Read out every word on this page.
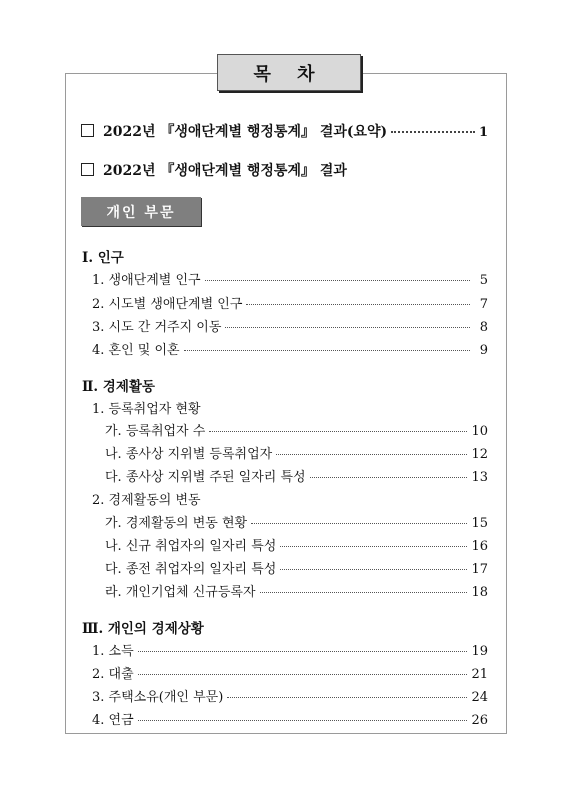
목 차
2022년
『생애단계별 행정통계』 결과(요약)	1
2022년
『생애단계별 행정통계』 결과
개인 부문
Ⅰ. 인구
1. 생애단계별 인구	5
2. 시도별 생애단계별 인구	7
3. 시도 간 거주지 이동	8
4. 혼인 및 이혼	9
Ⅱ. 경제활동
1. 등록취업자 현황
가. 등록취업자 수	10
나. 종사상 지위별 등록취업자	12
다. 종사상 지위별 주된 일자리 특성	13
2. 경제활동의 변동
가. 경제활동의 변동 현황	15
나. 신규 취업자의 일자리 특성	16
다. 종전 취업자의 일자리 특성	17
라. 개인기업체 신규등록자	18
Ⅲ. 개인의 경제상황
1. 소득	19
2. 대출	21
3. 주택소유(개인 부문)	24
4. 연금	26
